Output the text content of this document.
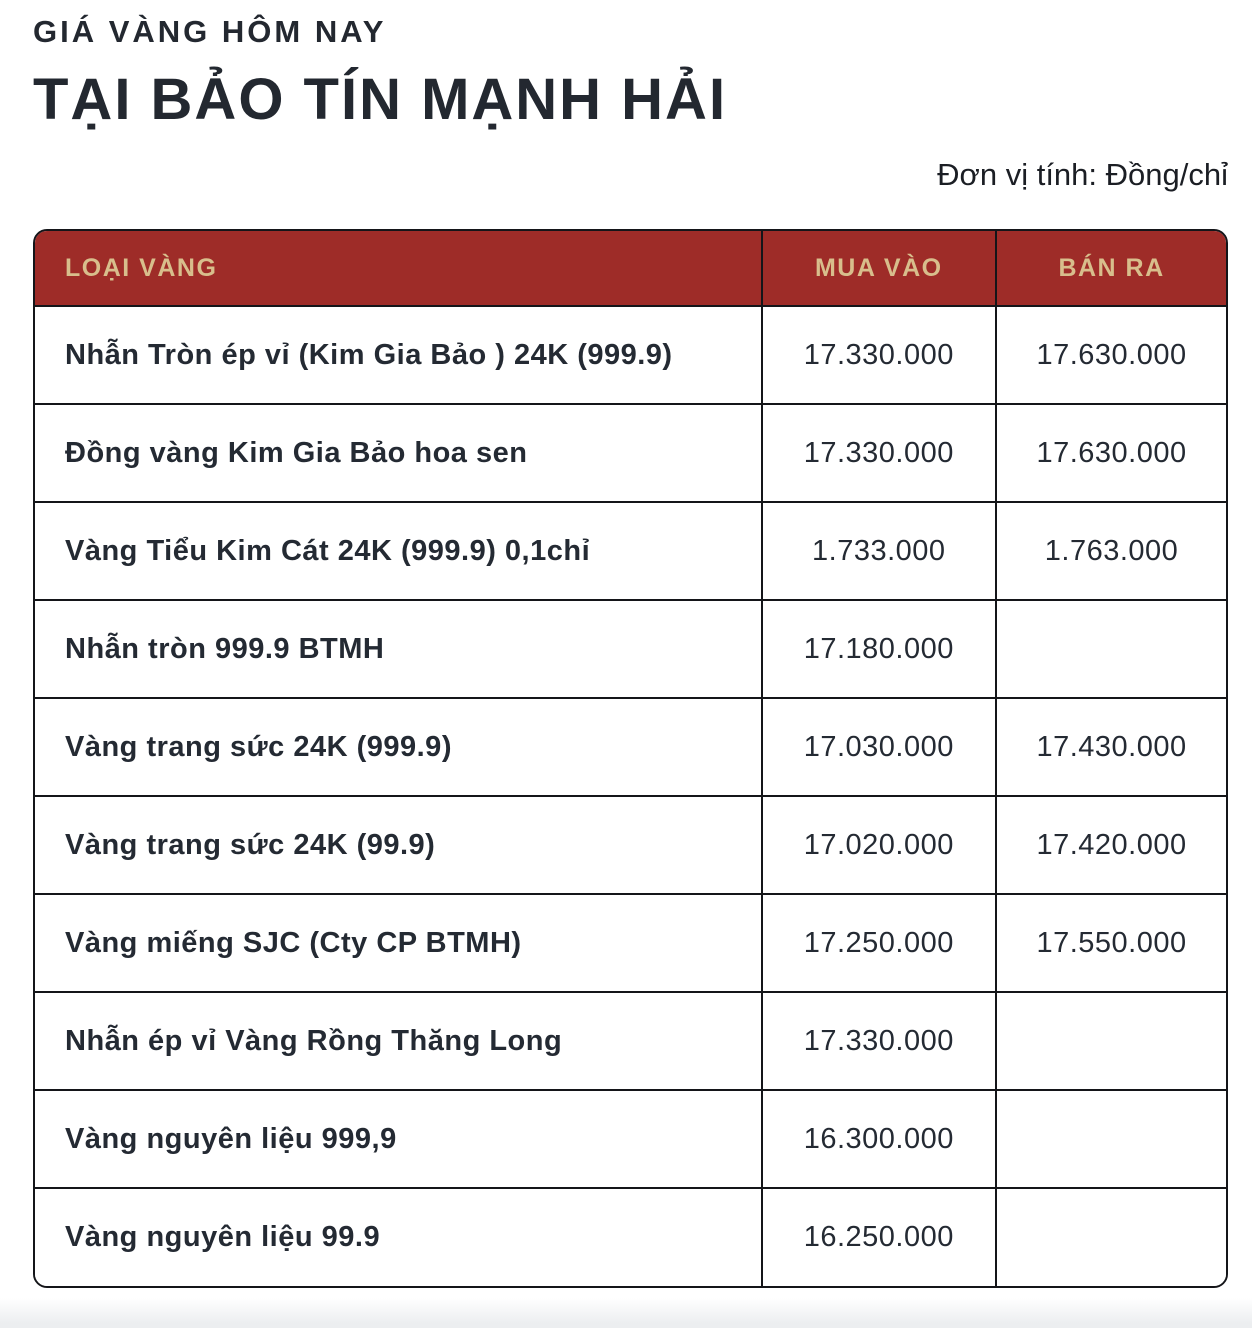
GIÁ VÀNG HÔM NAY
TẠI BẢO TÍN MẠNH HẢI
Đơn vị tính: Đồng/chỉ
LOẠI VÀNG	MUA VÀO	BÁN RA
Nhẫn Tròn ép vỉ (Kim Gia Bảo ) 24K (999.9)	17.330.000	17.630.000
Đồng vàng Kim Gia Bảo hoa sen	17.330.000	17.630.000
Vàng Tiểu Kim Cát 24K (999.9) 0,1chỉ	1.733.000	1.763.000
Nhẫn tròn 999.9 BTMH	17.180.000	
Vàng trang sức 24K (999.9)	17.030.000	17.430.000
Vàng trang sức 24K (99.9)	17.020.000	17.420.000
Vàng miếng SJC (Cty CP BTMH)	17.250.000	17.550.000
Nhẫn ép vỉ Vàng Rồng Thăng Long	17.330.000	
Vàng nguyên liệu 999,9	16.300.000	
Vàng nguyên liệu 99.9	16.250.000	
